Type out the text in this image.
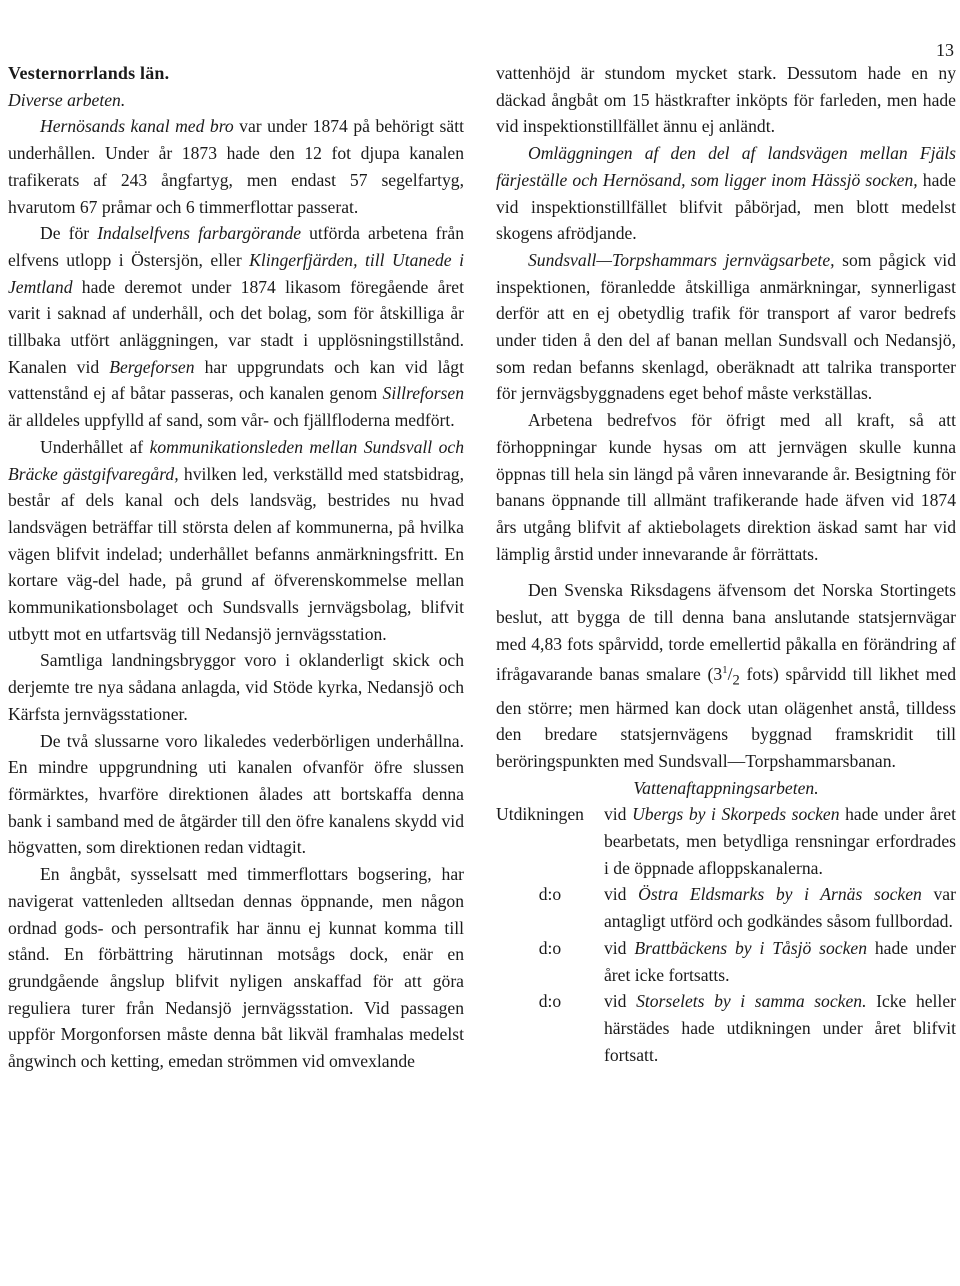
13

Vesternorrlands län.

Diverse arbeten.

Hernösands kanal med bro var under 1874 på behörigt sätt underhållen. Under år 1873 hade den 12 fot djupa kanalen trafikerats af 243 ångfartyg, men endast 57 segelfartyg, hvarutom 67 pråmar och 6 timmerflottar passerat.

De för Indalselfvens farbargörande utförda arbetena från elfvens utlopp i Östersjön, eller Klingerfjärden, till Utanede i Jemtland hade deremot under 1874 likasom föregående året varit i saknad af underhåll, och det bolag, som för åtskilliga år tillbaka utfört anläggningen, var stadt i upplösningstillstånd. Kanalen vid Bergeforsen har uppgrundats och kan vid lågt vattenstånd ej af båtar passeras, och kanalen genom Sillreforsen är alldeles uppfylld af sand, som vår- och fjällfloderna medfört.

Underhållet af kommunikationsleden mellan Sundsvall och Bräcke gästgifvaregård, hvilken led, verkställd med statsbidrag, består af dels kanal och dels landsväg, bestrides nu hvad landsvägen beträffar till största delen af kommunerna, på hvilka vägen blifvit indelad; underhållet befanns anmärkningsfritt. En kortare väg-del hade, på grund af öfverenskommelse mellan kommunikationsbolaget och Sundsvalls jernvägsbolag, blifvit utbytt mot en utfartsväg till Nedansjö jernvägsstation.

Samtliga landningsbryggor voro i oklanderligt skick och derjemte tre nya sådana anlagda, vid Stöde kyrka, Nedansjö och Kärfsta jernvägsstationer.

De två slussarne voro likaledes vederbörligen underhållna. En mindre uppgrundning uti kanalen ofvanför öfre slussen förmärktes, hvarföre direktionen ålades att bortskaffa denna bank i samband med de åtgärder till den öfre kanalens skydd vid högvatten, som direktionen redan vidtagit.

En ångbåt, sysselsatt med timmerflottars bogsering, har navigerat vattenleden alltsedan dennas öppnande, men någon ordnad gods- och persontrafik har ännu ej kunnat komma till stånd. En förbättring härutinnan motsågs dock, enär en grundgående ångslup blifvit nyligen anskaffad för att göra reguliera turer från Nedansjö jernvägsstation. Vid passagen uppför Morgonforsen måste denna båt likväl framhalas medelst ångwinch och ketting, emedan strömmen vid omvexlande

vattenhöjd är stundom mycket stark. Dessutom hade en ny däckad ångbåt om 15 hästkrafter inköpts för farleden, men hade vid inspektionstillfället ännu ej anländt.

Omläggningen af den del af landsvägen mellan Fjäls färjeställe och Hernösand, som ligger inom Hässjö socken, hade vid inspektionstillfället blifvit påbörjad, men blott medelst skogens afrödjande.

Sundsvall—Torpshammars jernvägsarbete, som pågick vid inspektionen, föranledde åtskilliga anmärkningar, synnerligast derför att en ej obetydlig trafik för transport af varor bedrefs under tiden å den del af banan mellan Sundsvall och Nedansjö, som redan befanns skenlagd, oberäknadt att talrika transporter för jernvägsbyggnadens eget behof måste verkställas.

Arbetena bedrefvos för öfrigt med all kraft, så att förhoppningar kunde hysas om att jernvägen skulle kunna öppnas till hela sin längd på våren innevarande år. Besigtning för banans öppnande till allmänt trafikerande hade äfven vid 1874 års utgång blifvit af aktiebolagets direktion äskad samt har vid lämplig årstid under innevarande år förrättats.

Den Svenska Riksdagens äfvensom det Norska Stortingets beslut, att bygga de till denna bana anslutande statsjernvägar med 4,83 fots spårvidd, torde emellertid påkalla en förändring af ifrågavarande banas smalare ($3^1/_2$ fots) spårvidd till likhet med den större; men härmed kan dock utan olägenhet anstå, tilldess den bredare statsjernvägens byggnad framskridit till beröringspunkten med Sundsvall—Torpshammarsbanan.

Vattenaftappningsarbeten.

Utdikningen	vid Ubergs by i Skorpeds socken hade under året bearbetats, men betydliga rensningar erfordrades i de öppnade afloppskanalerna.
d:o	vid Östra Eldsmarks by i Arnäs socken var antagligt utförd och godkändes såsom fullbordad.
d:o	vid Brattbäckens by i Tåsjö socken hade under året icke fortsatts.
d:o	vid Storselets by i samma socken. Icke heller härstädes hade utdikningen under året blifvit fortsatt.
